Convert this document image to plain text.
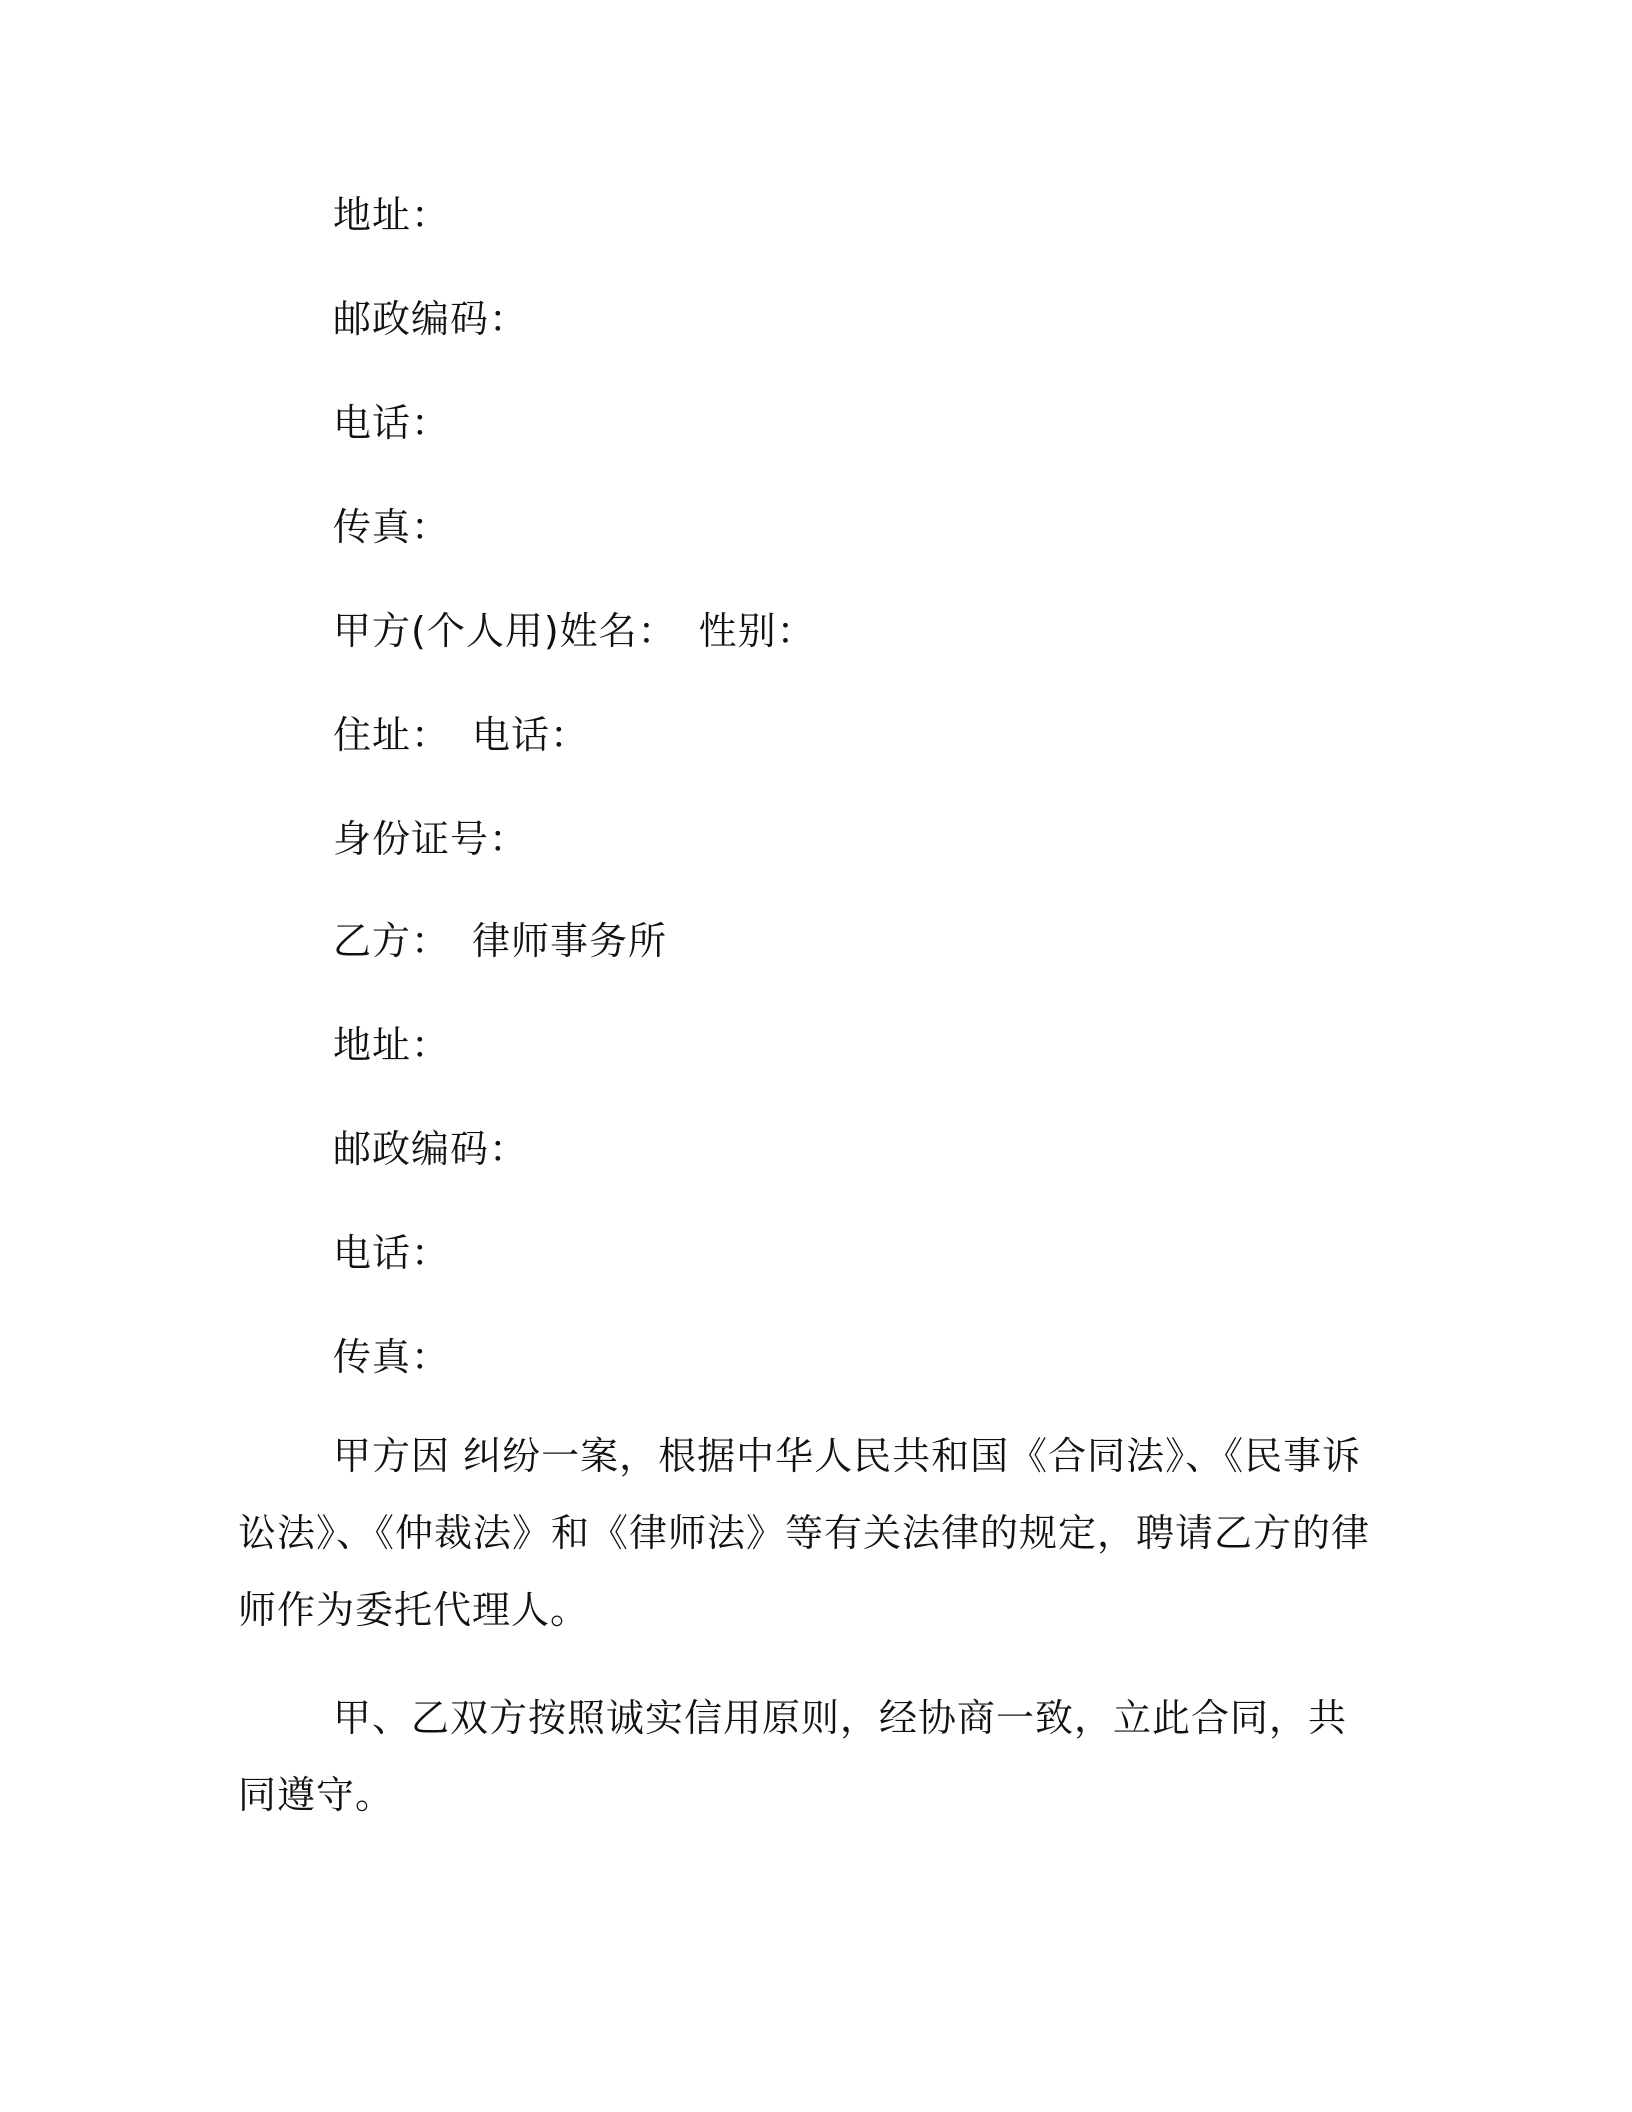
地址：
邮政编码：
电话：
传真：
甲方(个人用)姓名： 性别：
住址： 电话：
身份证号：
乙方： 律师事务所
地址：
邮政编码：
电话：
传真：

甲方因 纠纷一案，根据中华人民共和国《合同法》、《民事诉讼法》、《仲裁法》和《律师法》等有关法律的规定，聘请乙方的律师作为委托代理人。

甲、乙双方按照诚实信用原则，经协商一致，立此合同，共同遵守。
